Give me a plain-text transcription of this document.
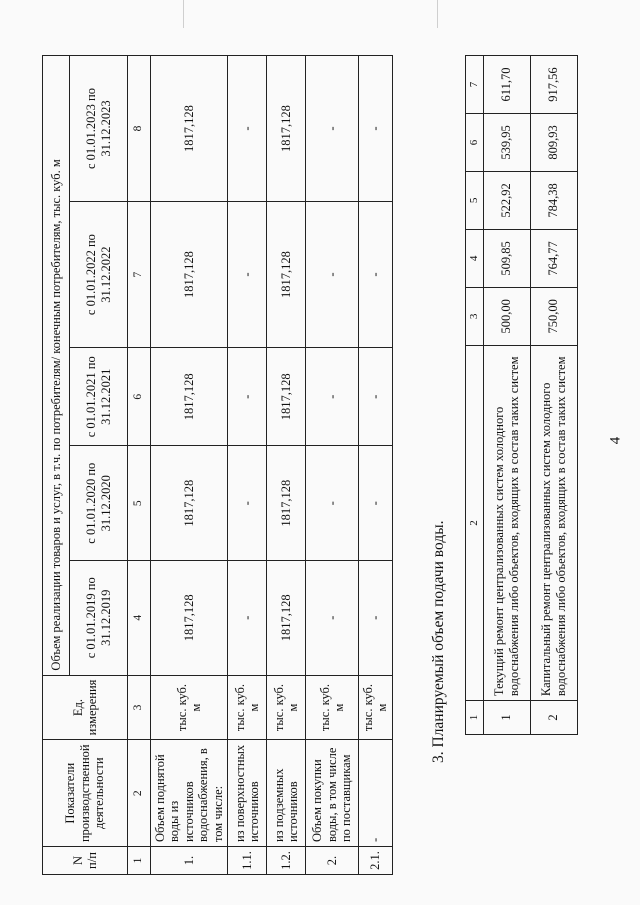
4
1	2	3	4	5	6	7
1	Текущий ремонт централизованных систем холодного водоснабжения либо объектов, входящих в состав таких систем	500,00	509,85	522,92	539,95	611,70
2	Капитальный ремонт централизованных систем холодного водоснабжения либо объектов, входящих в состав таких систем	750,00	764,77	784,38	809,93	917,56
3. Планируемый объем подачи воды.
N п/п	Показатели производственной деятельности	Ед. измерения	Объем реализации товаров и услуг, в т.ч. по потребителям/ конечным потребителям, тыс. куб. м				
			с 01.01.2019 по 31.12.2019	с 01.01.2020 по 31.12.2020	с 01.01.2021 по 31.12.2021	с 01.01.2022 по 31.12.2022	с 01.01.2023 по 31.12.2023
1	2	3	4	5	6	7	8
1.	Объем поднятой воды из источников водоснабжения, в том числе:	тыс. куб. м	1817,128	1817,128	1817,128	1817,128	1817,128
1.1.	из поверхностных источников	тыс. куб. м	-	-	-	-	-
1.2.	из подземных источников	тыс. куб. м	1817,128	1817,128	1817,128	1817,128	1817,128
2.	Объем покупки воды, в том числе по поставщикам	тыс. куб. м	-	-	-	-	-
2.1.	-	тыс. куб. м	-	-	-	-	-
